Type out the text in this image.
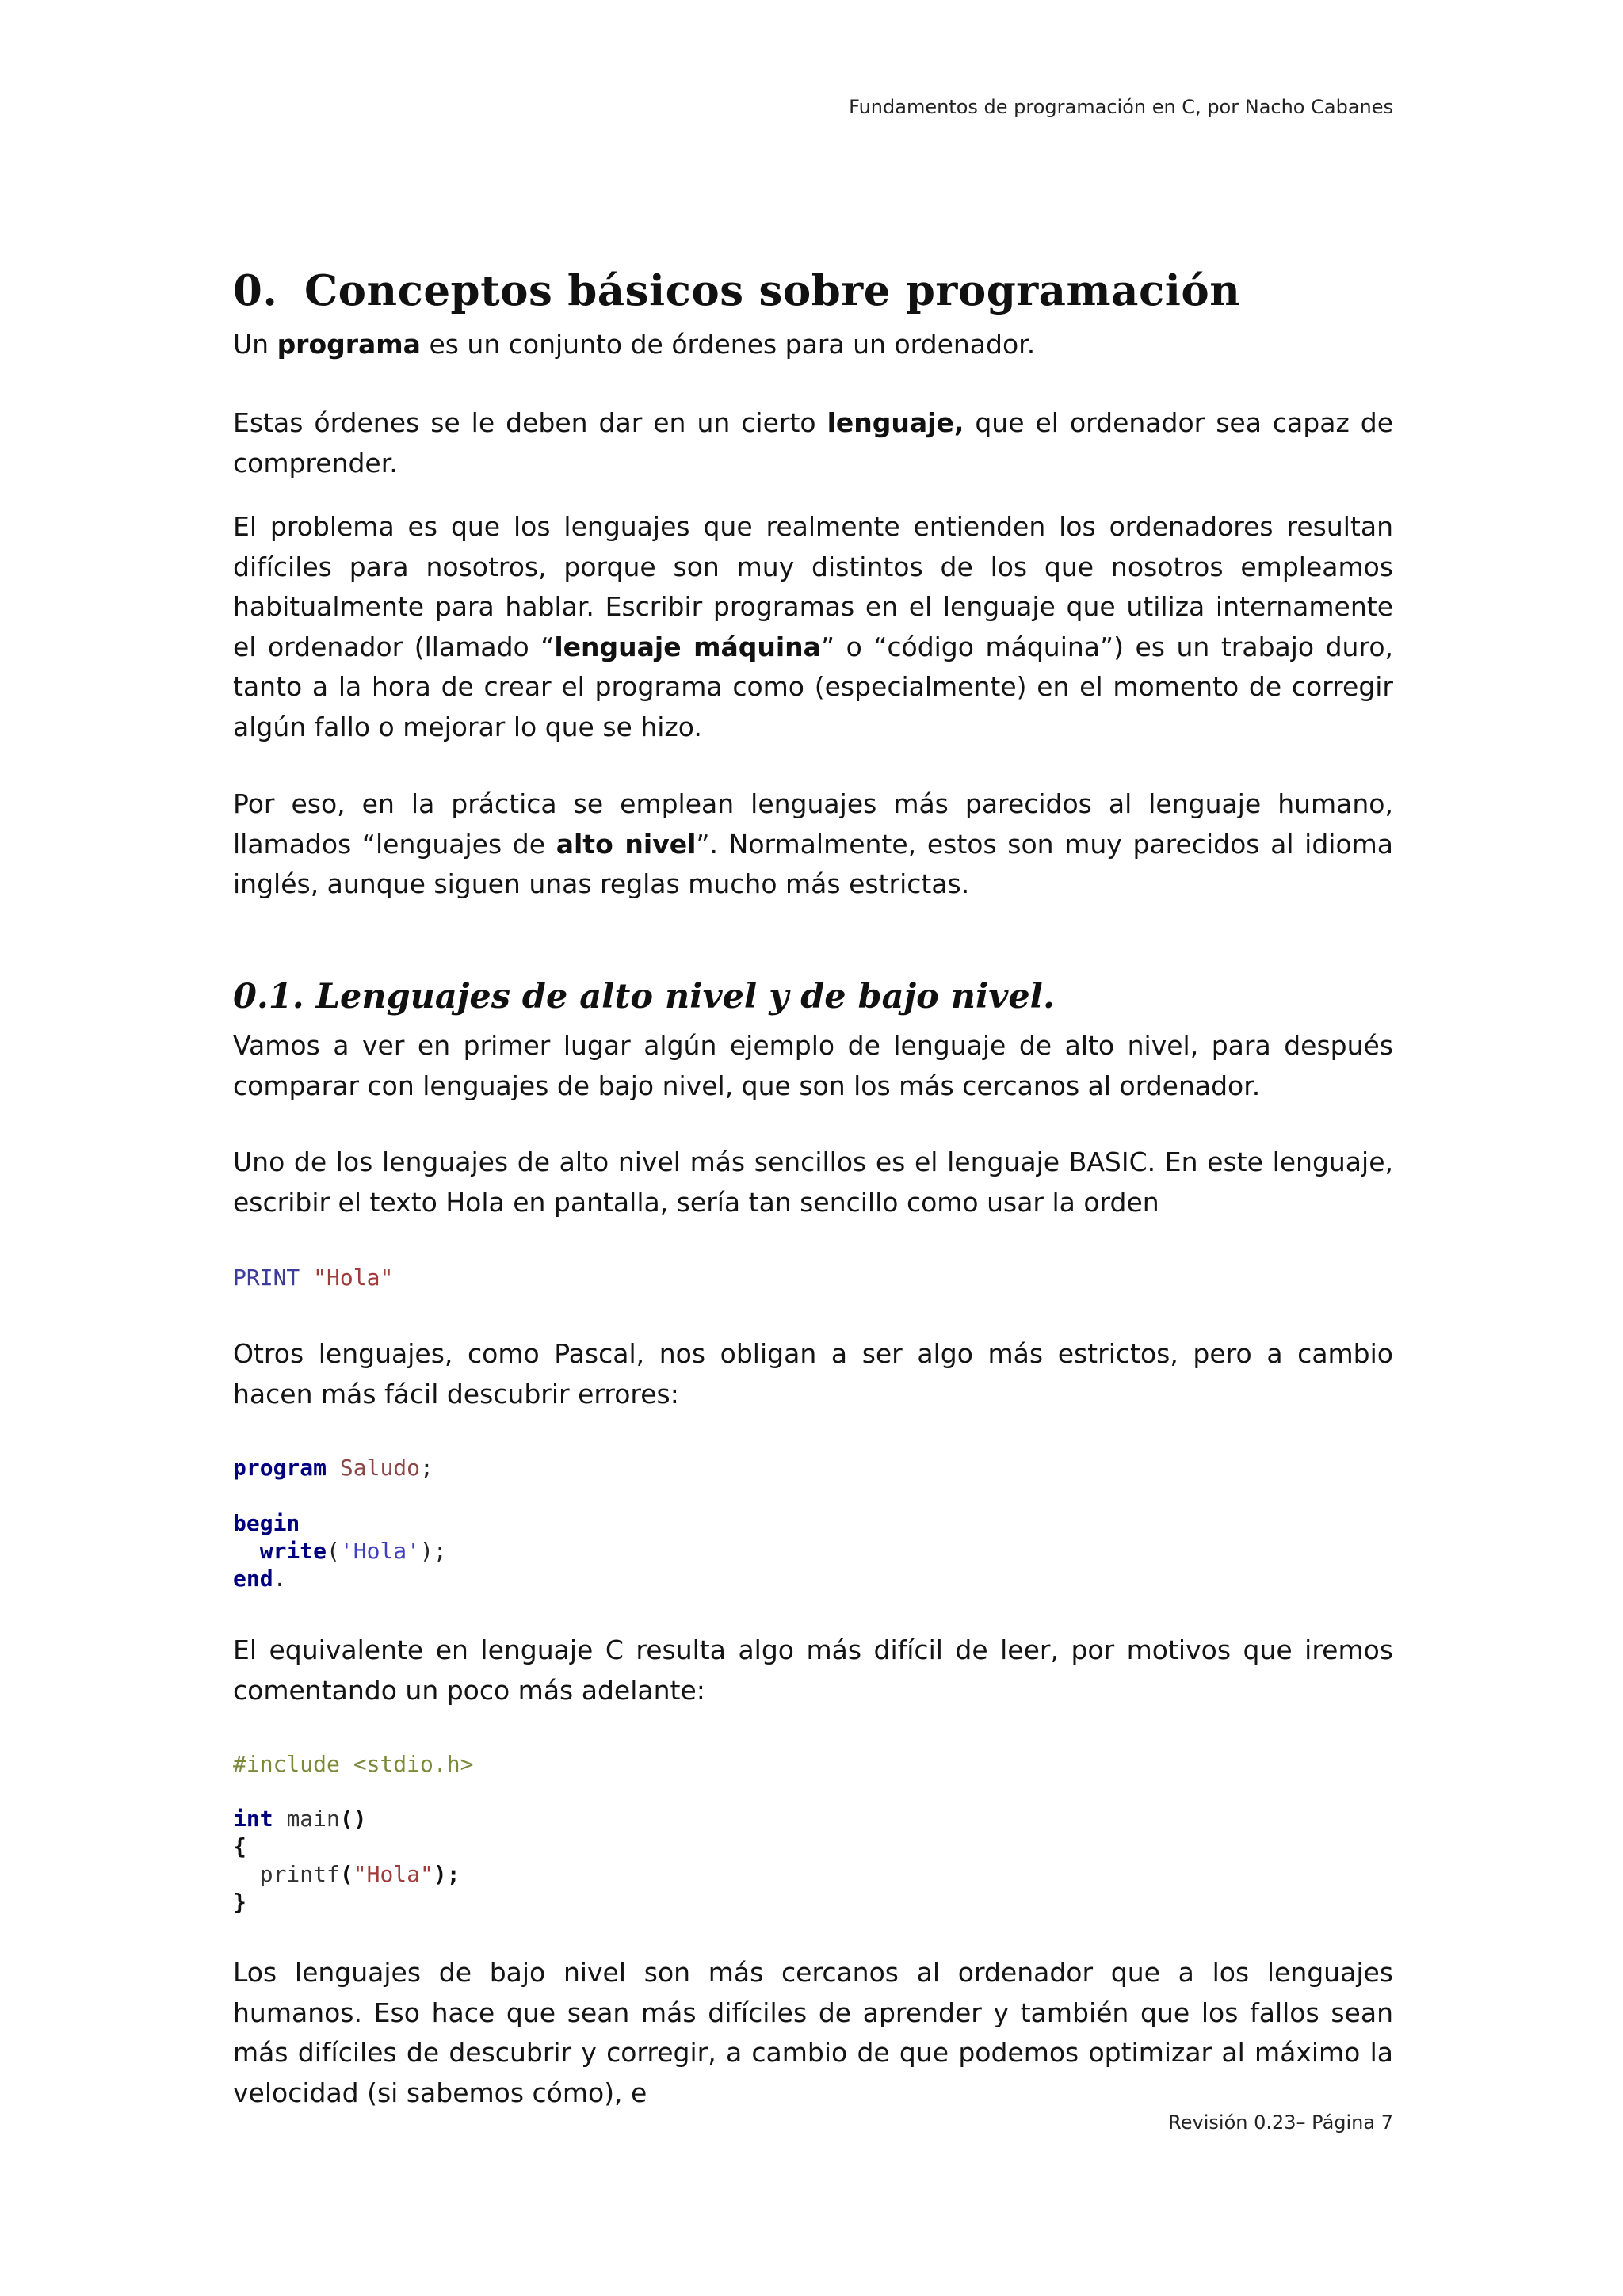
Fundamentos de programación en C, por Nacho Cabanes
0. Conceptos básicos sobre programación

Un programa es un conjunto de órdenes para un ordenador.

Estas órdenes se le deben dar en un cierto lenguaje, que el ordenador sea capaz de comprender.

El problema es que los lenguajes que realmente entienden los ordenadores resultan difíciles para nosotros, porque son muy distintos de los que nosotros empleamos habitualmente para hablar. Escribir programas en el lenguaje que utiliza internamente el ordenador (llamado “lenguaje máquina” o “código máquina”) es un trabajo duro, tanto a la hora de crear el programa como (especialmente) en el momento de corregir algún fallo o mejorar lo que se hizo.

Por eso, en la práctica se emplean lenguajes más parecidos al lenguaje humano, llamados “lenguajes de alto nivel”. Normalmente, estos son muy parecidos al idioma inglés, aunque siguen unas reglas mucho más estrictas.

0.1. Lenguajes de alto nivel y de bajo nivel.

Vamos a ver en primer lugar algún ejemplo de lenguaje de alto nivel, para después comparar con lenguajes de bajo nivel, que son los más cercanos al ordenador.

Uno de los lenguajes de alto nivel más sencillos es el lenguaje BASIC. En este lenguaje, escribir el texto Hola en pantalla, sería tan sencillo como usar la orden

PRINT "Hola"

Otros lenguajes, como Pascal, nos obligan a ser algo más estrictos, pero a cambio hacen más fácil descubrir errores:

program Saludo;
begin
write('Hola');
end.

El equivalente en lenguaje C resulta algo más difícil de leer, por motivos que iremos comentando un poco más adelante:

#include <stdio.h>
int main()
{
printf("Hola");
}

Los lenguajes de bajo nivel son más cercanos al ordenador que a los lenguajes humanos. Eso hace que sean más difíciles de aprender y también que los fallos sean más difíciles de descubrir y corregir, a cambio de que podemos optimizar al máximo la velocidad (si sabemos cómo), e

Revisión 0.23– Página 7
